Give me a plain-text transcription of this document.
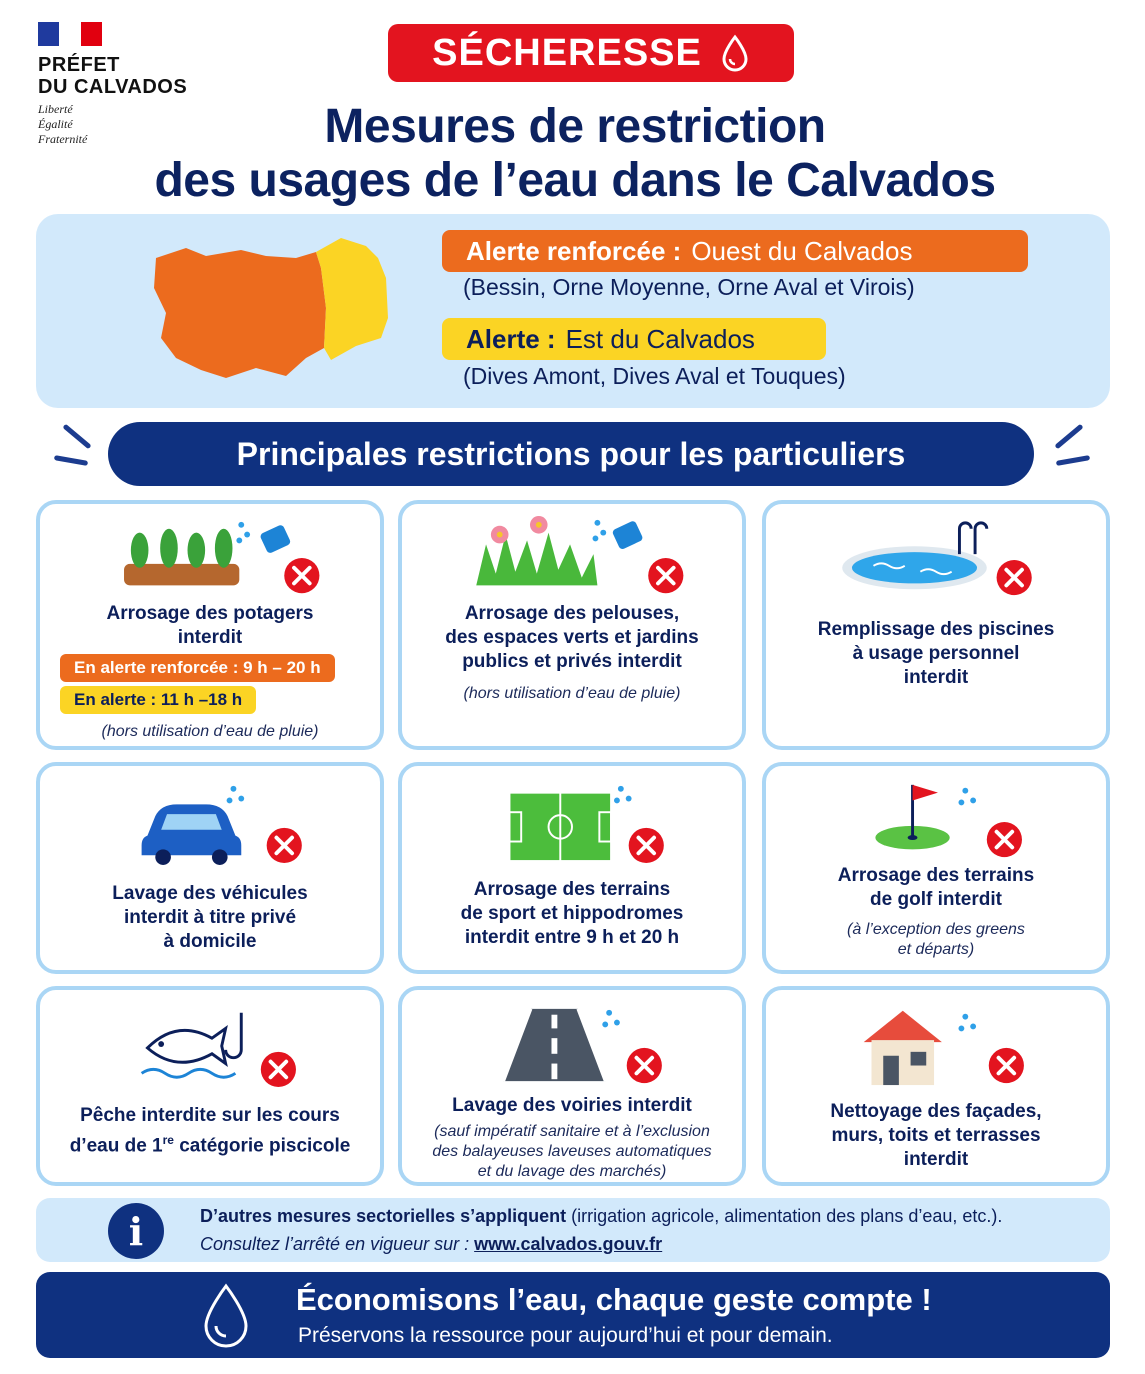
PRÉFET
DU CALVADOS
Liberté
Égalité
Fraternité
SÉCHERESSE
Mesures de restriction
des usages de l’eau dans le Calvados
Alerte renforcée : Ouest du Calvados
(Bessin, Orne Moyenne, Orne Aval et Virois)
Alerte : Est du Calvados
(Dives Amont, Dives Aval et Touques)
Principales restrictions pour les particuliers
Arrosage des potagers
interdit
En alerte renforcée : 9 h – 20 h
En alerte : 11 h –18 h
(hors utilisation d’eau de pluie)
Arrosage des pelouses,
des espaces verts et jardins
publics et privés interdit
(hors utilisation d’eau de pluie)
Remplissage des piscines
à usage personnel
interdit
Lavage des véhicules
interdit à titre privé
à domicile
Arrosage des terrains
de sport et hippodromes
interdit entre 9 h et 20 h
Arrosage des terrains
de golf interdit
(à l’exception des greens
et départs)
Pêche interdite sur les cours
d’eau de 1re catégorie piscicole
Lavage des voiries interdit
(sauf impératif sanitaire et à l’exclusion
des balayeuses laveuses automatiques
et du lavage des marchés)
Nettoyage des façades,
murs, toits et terrasses
interdit
i	D’autres mesures sectorielles s’appliquent (irrigation agricole, alimentation des plans d’eau, etc.).
Consultez l’arrêté en vigueur sur : www.calvados.gouv.fr
Économisons l’eau, chaque geste compte !
Préservons la ressource pour aujourd’hui et pour demain.
